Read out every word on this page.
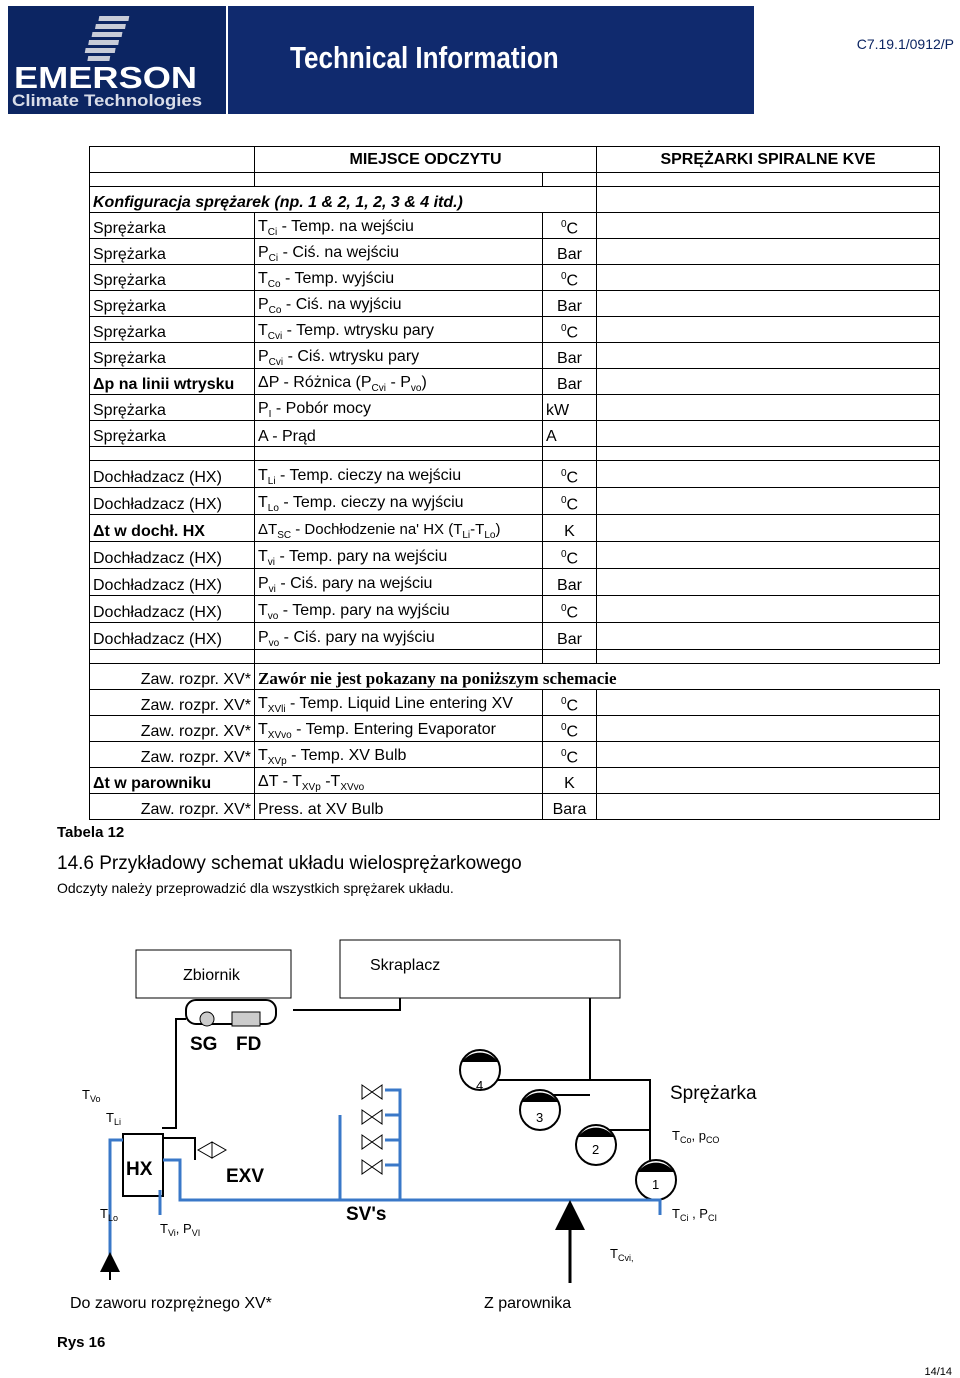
EMERSON
Climate Technologies
Technical Information	C7.19.1/0912/P
	MIEJSCE ODCZYTU		SPRĘŻARKI SPIRALNE KVE

Konfiguracja sprężarek (np. 1 & 2, 1, 2, 3 & 4 itd.)			
Sprężarka	$T_{Ci}$ - Temp. na wejściu	$^0$C	
Sprężarka	$P_{Ci}$ - Ciś. na wejściu	Bar	
Sprężarka	$T_{Co}$ - Temp. wyjściu	$^0$C	
Sprężarka	$P_{Co}$ - Ciś. na wyjściu	Bar	
Sprężarka	$T_{Cvi}$ - Temp. wtrysku pary	$^0$C	
Sprężarka	$P_{Cvi}$ - Ciś. wtrysku pary	Bar	
Δp na linii wtrysku	ΔP - Różnica $(P_{Cvi} - P_{vo})$	Bar	
Sprężarka	$P_I$ - Pobór mocy	kW	
Sprężarka	A - Prąd	A	

Dochładzacz (HX)	$T_{Li}$ - Temp. cieczy na wejściu	$^0$C	
Dochładzacz (HX)	$T_{Lo}$ - Temp. cieczy na wyjściu	$^0$C	
Δt w dochł. HX	$\Delta T_{SC}$ - Dochłodzenie na' HX $(T_{Li}-T_{Lo})$	K	
Dochładzacz (HX)	$T_{vi}$ - Temp. pary na wejściu	$^0$C	
Dochładzacz (HX)	$P_{vi}$ - Ciś. pary na wejściu	Bar	
Dochładzacz (HX)	$T_{vo}$ - Temp. pary na wyjściu	$^0$C	
Dochładzacz (HX)	$P_{vo}$ - Ciś. pary na wyjściu	Bar	

Zaw. rozpr. XV*	Zawór nie jest pokazany na poniższym schemacie		
Zaw. rozpr. XV*	$T_{XVli}$ - Temp. Liquid Line entering XV	$^0$C	
Zaw. rozpr. XV*	$T_{XVvo}$ - Temp. Entering Evaporator	$^0$C	
Zaw. rozpr. XV*	$T_{XVp}$ - Temp. XV Bulb	$^0$C	
Δt w parowniku	ΔT - $T_{XVp}$ $-T_{XVvo}$	K	
Zaw. rozpr. XV*	Press. at XV Bulb	Bara	
Tabela 12
14.6 Przykładowy schemat układu wielosprężarkowego
Odczyty należy przeprowadzić dla wszystkich sprężarek układu.
Zbiornik
Skraplacz
SG FD
4
3
2
1
HX	EXV
SV's
$T_{Vo}$
$T_{Li}$
$T_{Lo}$
$T_{Vi}$, $P_{VI}$
Sprężarka
$T_{Co}$, $p_{CO}$
$T_{Ci}$ , $P_{CI}$
$T_{Cvi,}$
Do zaworu rozprężnego XV*	Z parownika
Rys 16
14/14
